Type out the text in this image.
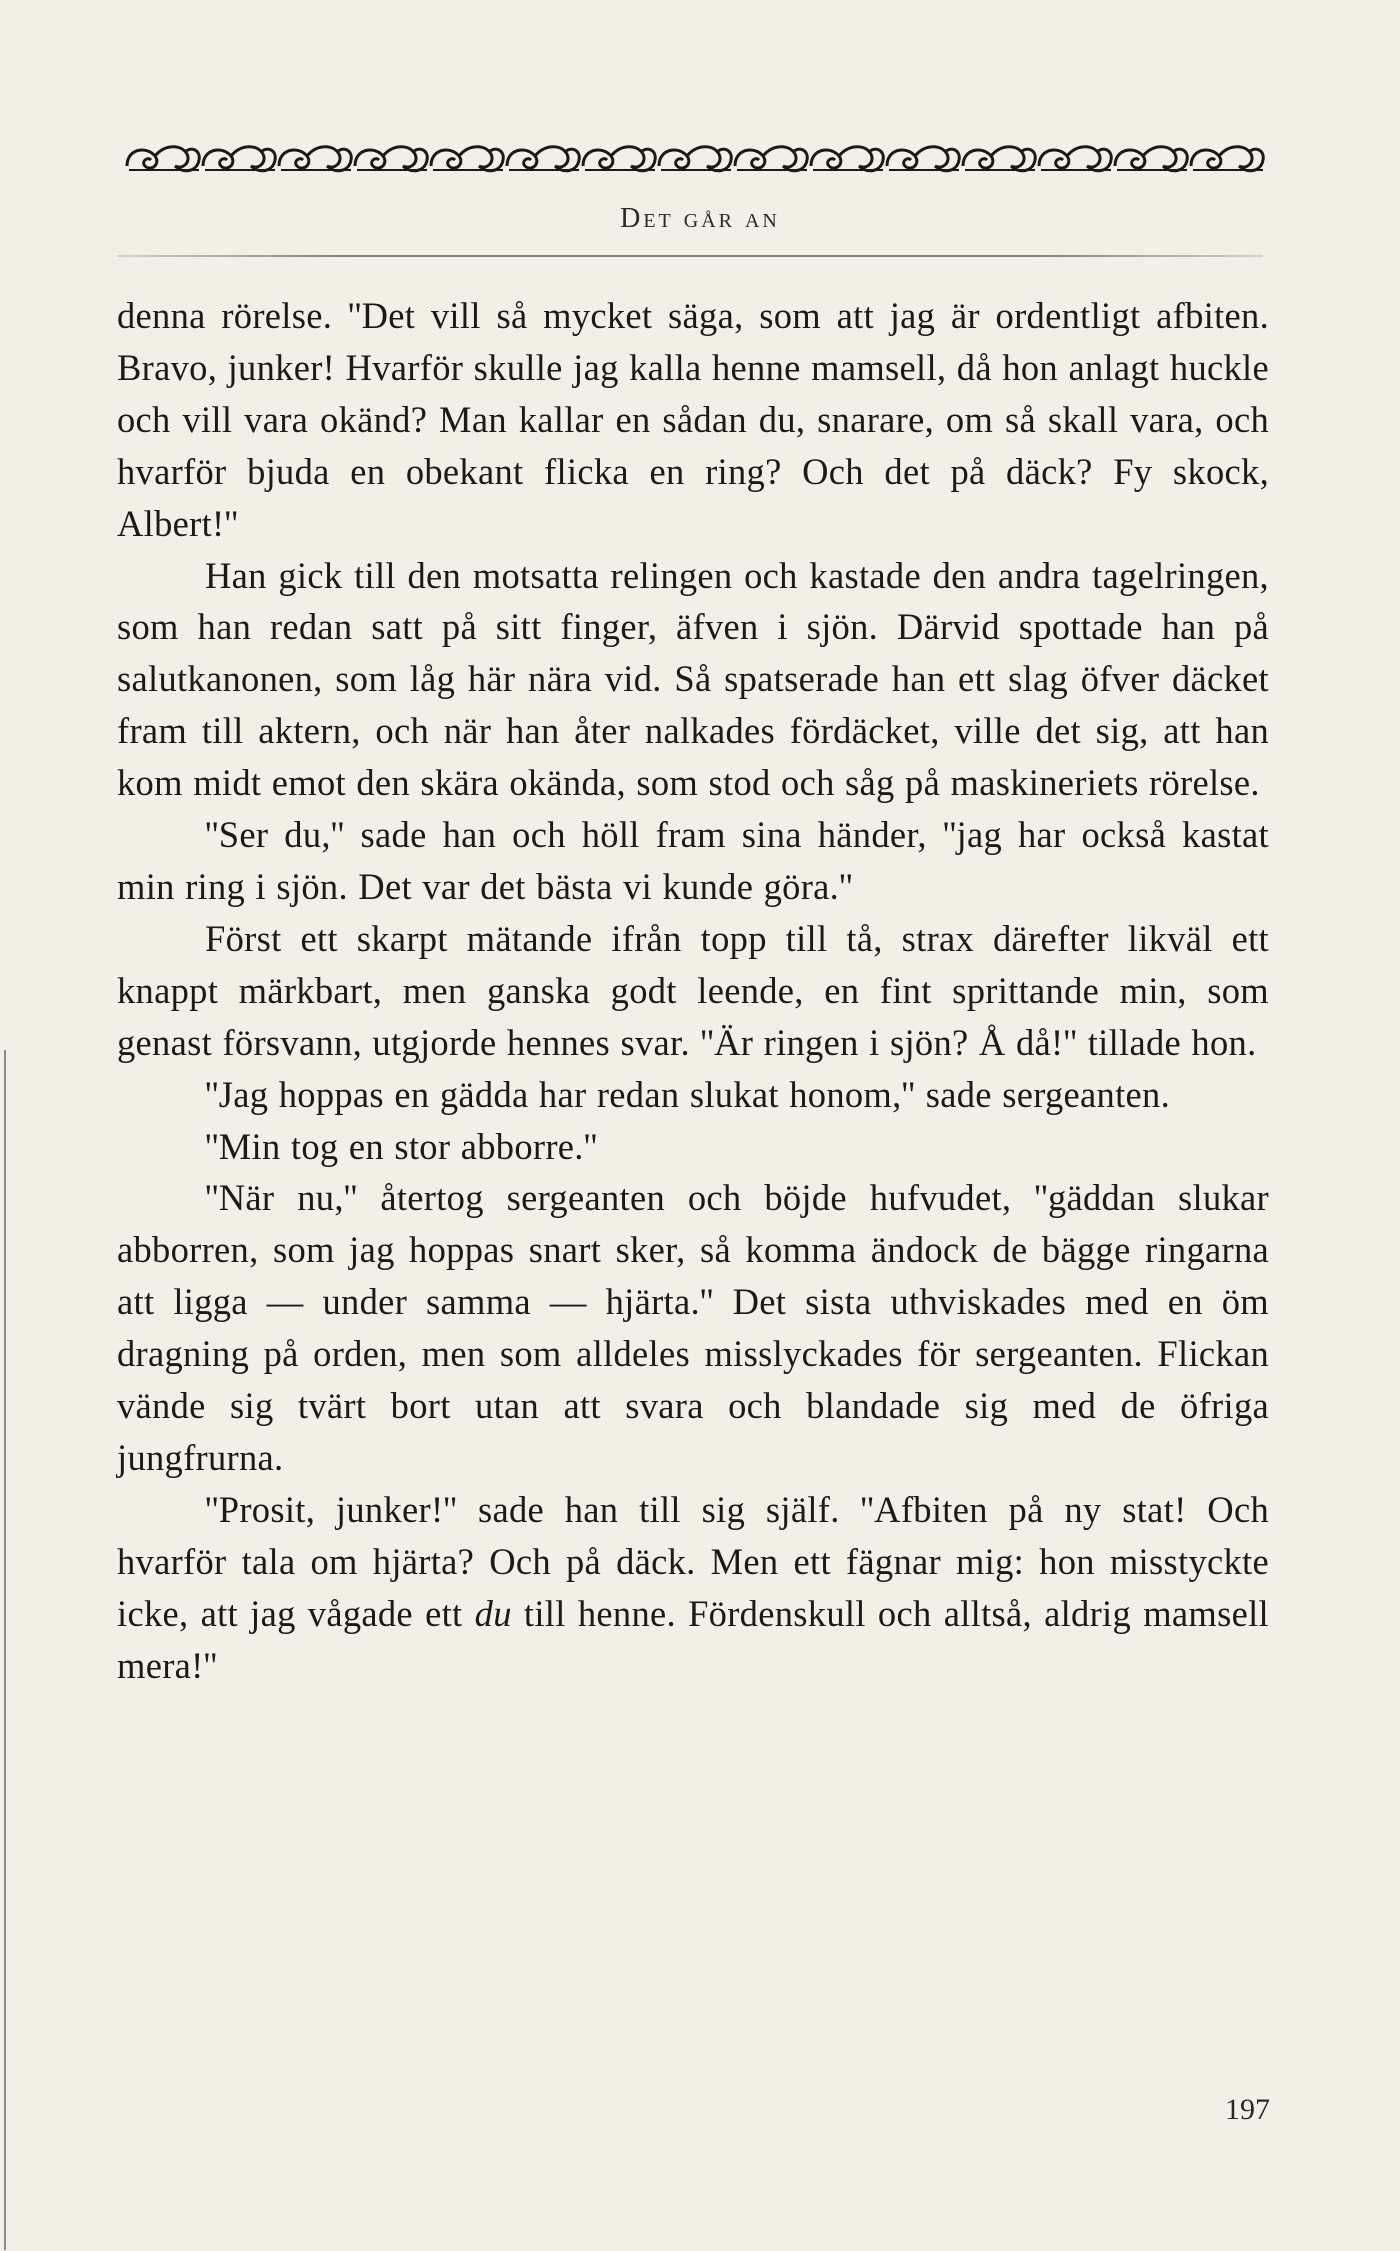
Det går an

denna rörelse. ''Det vill så mycket säga, som att jag är ordentligt afbiten. Bravo, junker! Hvarför skulle jag kalla henne mamsell, då hon anlagt huckle och vill vara okänd? Man kallar en sådan du, snarare, om så skall vara, och hvarför bjuda en obekant flicka en ring? Och det på däck? Fy skock, Albert!''

Han gick till den motsatta relingen och kastade den andra tagelringen, som han redan satt på sitt finger, äfven i sjön. Därvid spottade han på salutkanonen, som låg här nära vid. Så spatserade han ett slag öfver däcket fram till aktern, och när han åter nalkades fördäcket, ville det sig, att han kom midt emot den skära okända, som stod och såg på maskineriets rörelse.

''Ser du,'' sade han och höll fram sina händer, ''jag har också kastat min ring i sjön. Det var det bästa vi kunde göra.''

Först ett skarpt mätande ifrån topp till tå, strax därefter likväl ett knappt märkbart, men ganska godt leende, en fint sprittande min, som genast försvann, utgjorde hennes svar. ''Är ringen i sjön? Å då!'' tillade hon.

''Jag hoppas en gädda har redan slukat honom,'' sade sergeanten.

''Min tog en stor abborre.''

''När nu,'' återtog sergeanten och böjde hufvudet, ''gäddan slukar abborren, som jag hoppas snart sker, så komma ändock de bägge ringarna att ligga — under samma — hjärta.'' Det sista uthviskades med en öm dragning på orden, men som alldeles misslyckades för sergeanten. Flickan vände sig tvärt bort utan att svara och blandade sig med de öfriga jungfrurna.

''Prosit, junker!'' sade han till sig själf. ''Afbiten på ny stat! Och hvarför tala om hjärta? Och på däck. Men ett fägnar mig: hon misstyckte icke, att jag vågade ett du till henne. Fördenskull och alltså, aldrig mamsell mera!''

197
